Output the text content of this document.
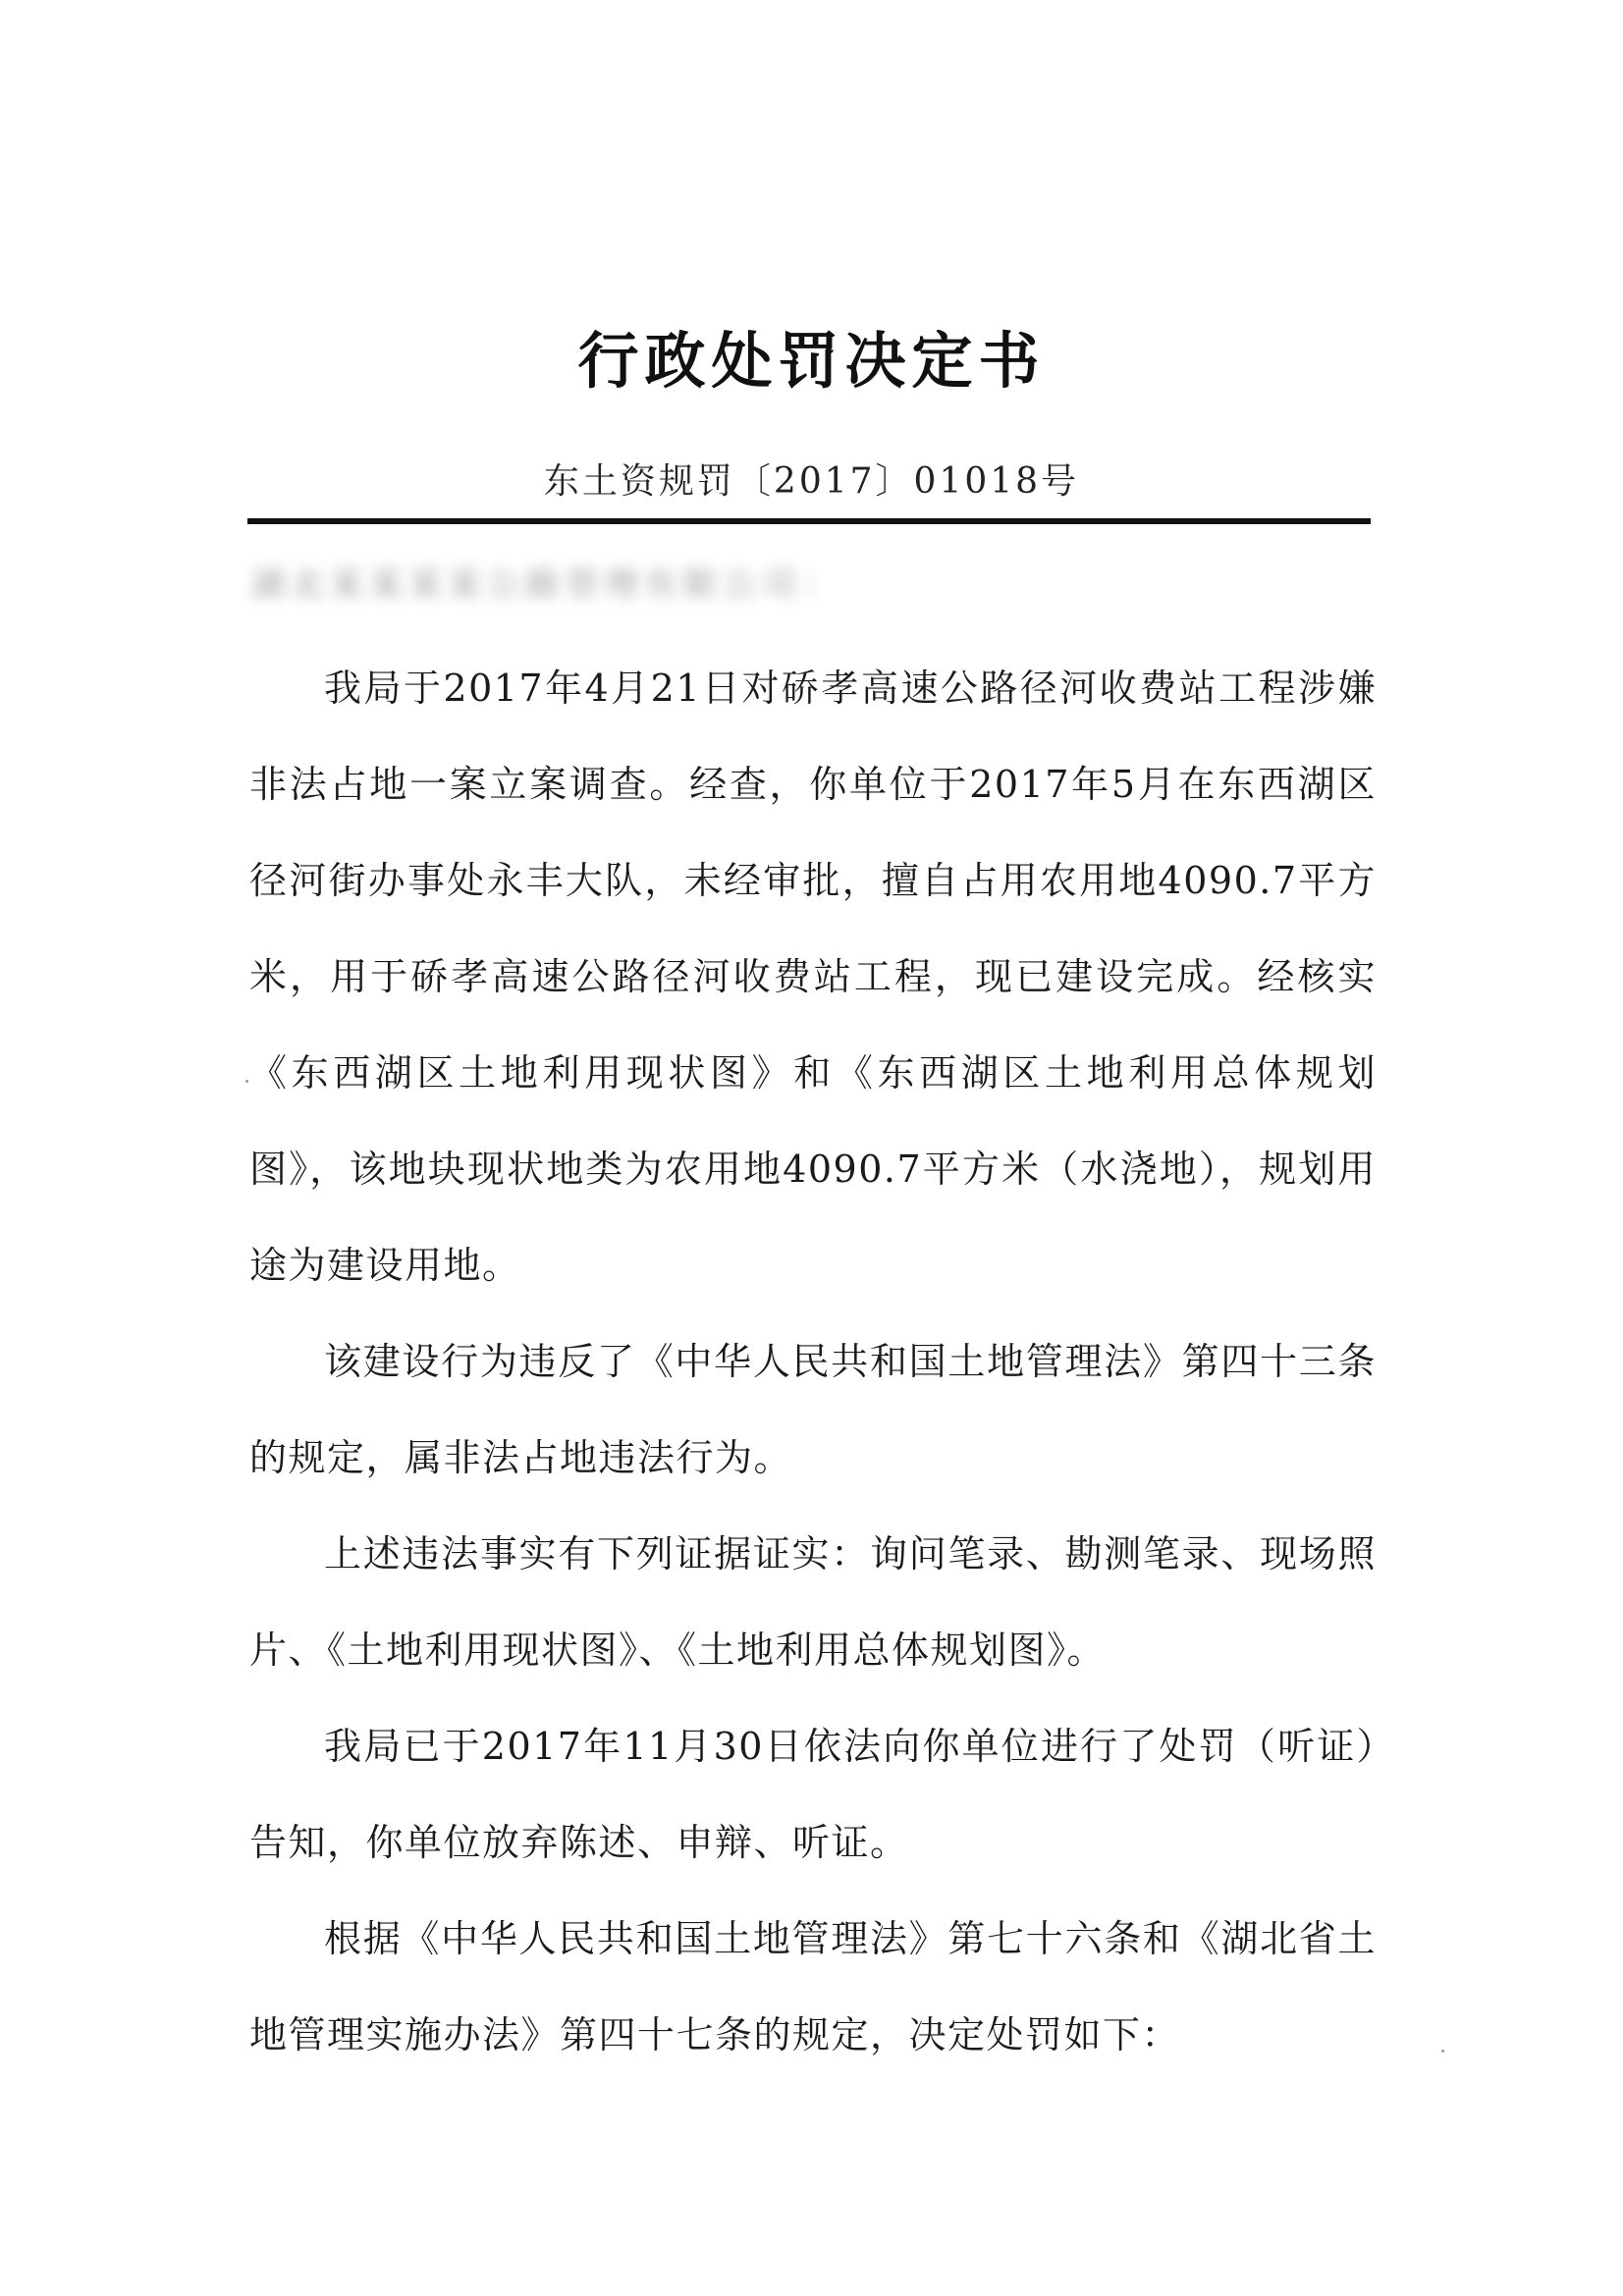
行政处罚决定书
东土资规罚〔2017〕01018号
湖北某某某某公路管理有限公司：

我局于2017年4月21日对硚孝高速公路径河收费站工程涉嫌非法占地一案立案调查。经查，你单位于2017年5月在东西湖区径河街办事处永丰大队，未经审批，擅自占用农用地4090.7平方米，用于硚孝高速公路径河收费站工程，现已建设完成。经核实《东西湖区土地利用现状图》和《东西湖区土地利用总体规划图》，该地块现状地类为农用地4090.7平方米（水浇地），规划用途为建设用地。

该建设行为违反了《中华人民共和国土地管理法》第四十三条的规定，属非法占地违法行为。

上述违法事实有下列证据证实：询问笔录、勘测笔录、现场照片、《土地利用现状图》、《土地利用总体规划图》。

我局已于2017年11月30日依法向你单位进行了处罚（听证）告知，你单位放弃陈述、申辩、听证。

根据《中华人民共和国土地管理法》第七十六条和《湖北省土地管理实施办法》第四十七条的规定，决定处罚如下：
